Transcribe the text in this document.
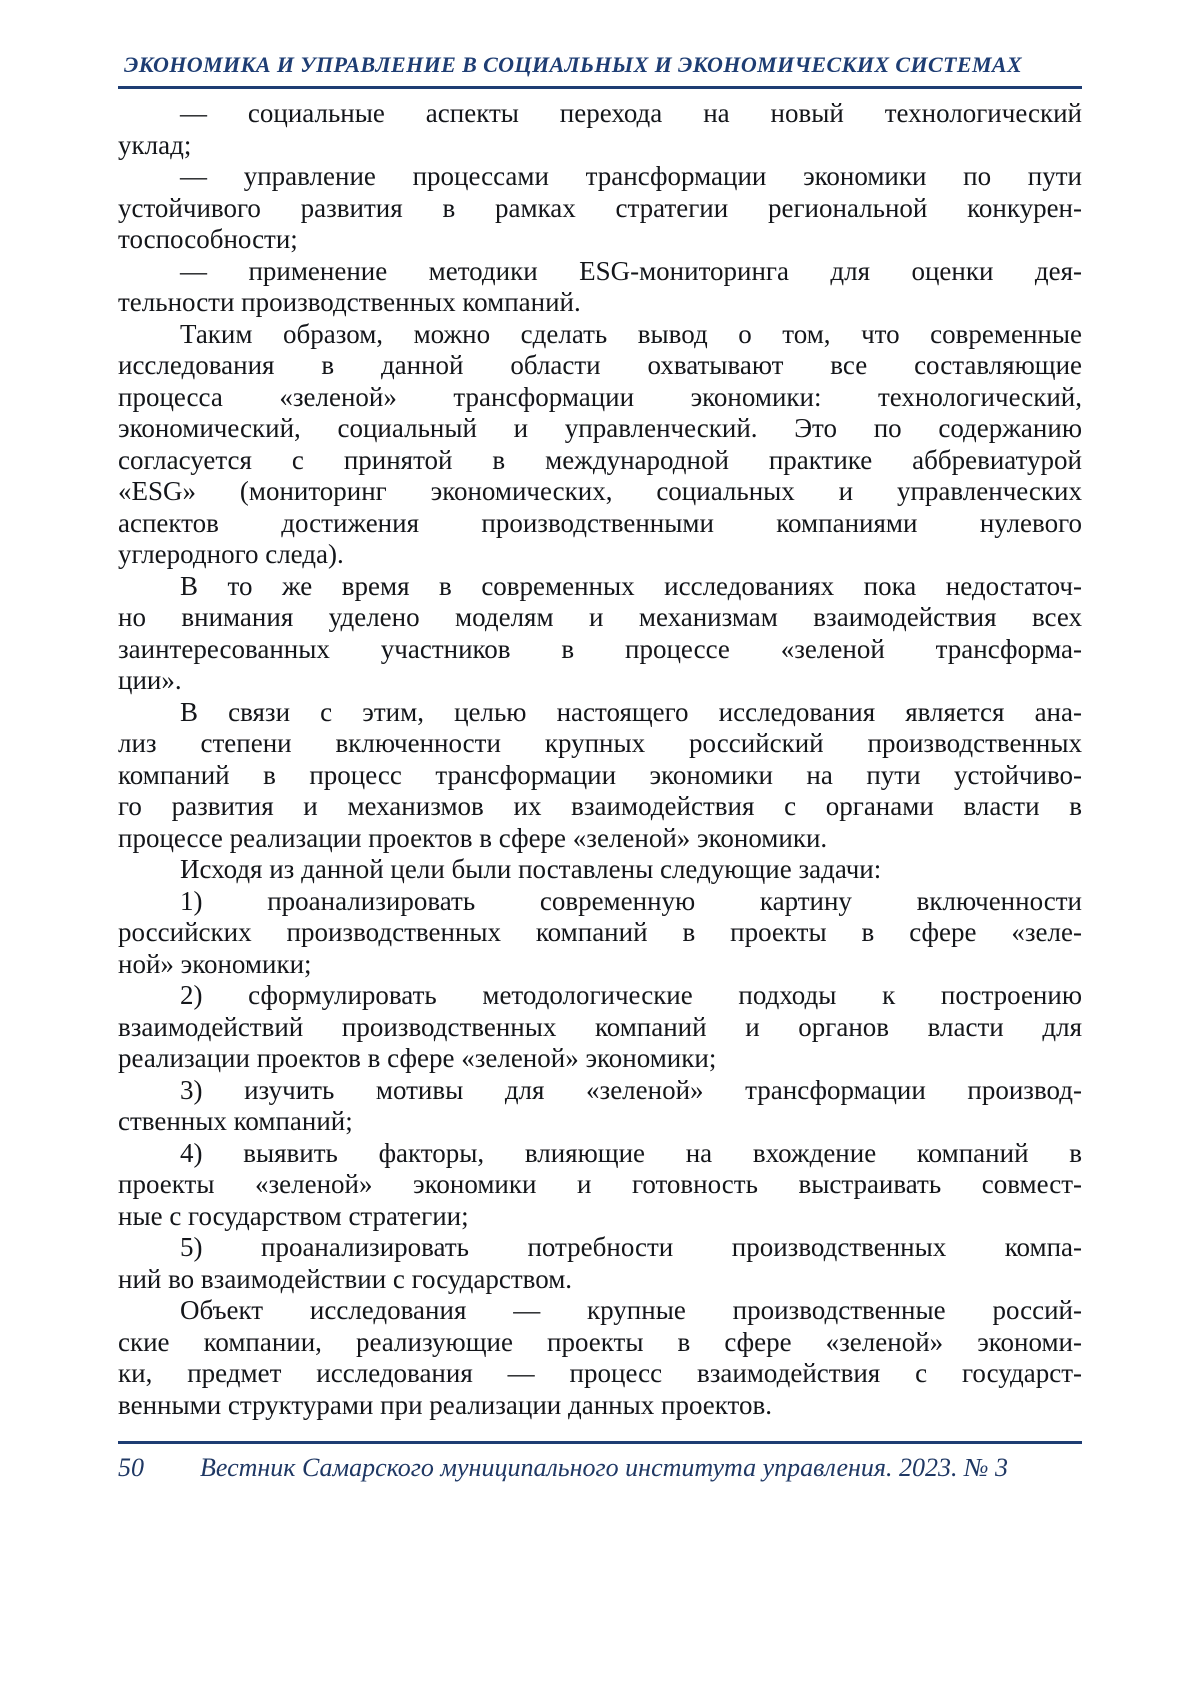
ЭКОНОМИКА И УПРАВЛЕНИЕ В СОЦИАЛЬНЫХ И ЭКОНОМИЧЕСКИХ СИСТЕМАХ
— социальные аспекты перехода на новый технологический
уклад;
— управление процессами трансформации экономики по пути
устойчивого развития в рамках стратегии региональной конкурен-
тоспособности;
— применение методики ESG-мониторинга для оценки дея-
тельности производственных компаний.
Таким образом, можно сделать вывод о том, что современные
исследования в данной области охватывают все составляющие
процесса «зеленой» трансформации экономики: технологический,
экономический, социальный и управленческий. Это по содержанию
согласуется с принятой в международной практике аббревиатурой
«ESG» (мониторинг экономических, социальных и управленческих
аспектов достижения производственными компаниями нулевого
углеродного следа).
В то же время в современных исследованиях пока недостаточ-
но внимания уделено моделям и механизмам взаимодействия всех
заинтересованных участников в процессе «зеленой трансформа-
ции».
В связи с этим, целью настоящего исследования является ана-
лиз степени включенности крупных российский производственных
компаний в процесс трансформации экономики на пути устойчиво-
го развития и механизмов их взаимодействия с органами власти в
процессе реализации проектов в сфере «зеленой» экономики.
Исходя из данной цели были поставлены следующие задачи:
1) проанализировать современную картину включенности
российских производственных компаний в проекты в сфере «зеле-
ной» экономики;
2) сформулировать методологические подходы к построению
взаимодействий производственных компаний и органов власти для
реализации проектов в сфере «зеленой» экономики;
3) изучить мотивы для «зеленой» трансформации производ-
ственных компаний;
4) выявить факторы, влияющие на вхождение компаний в
проекты «зеленой» экономики и готовность выстраивать совмест-
ные с государством стратегии;
5) проанализировать потребности производственных компа-
ний во взаимодействии с государством.
Объект исследования — крупные производственные россий-
ские компании, реализующие проекты в сфере «зеленой» экономи-
ки, предмет исследования — процесс взаимодействия с государст-
венными структурами при реализации данных проектов.
50	Вестник Самарского муниципального института управления. 2023. № 3
